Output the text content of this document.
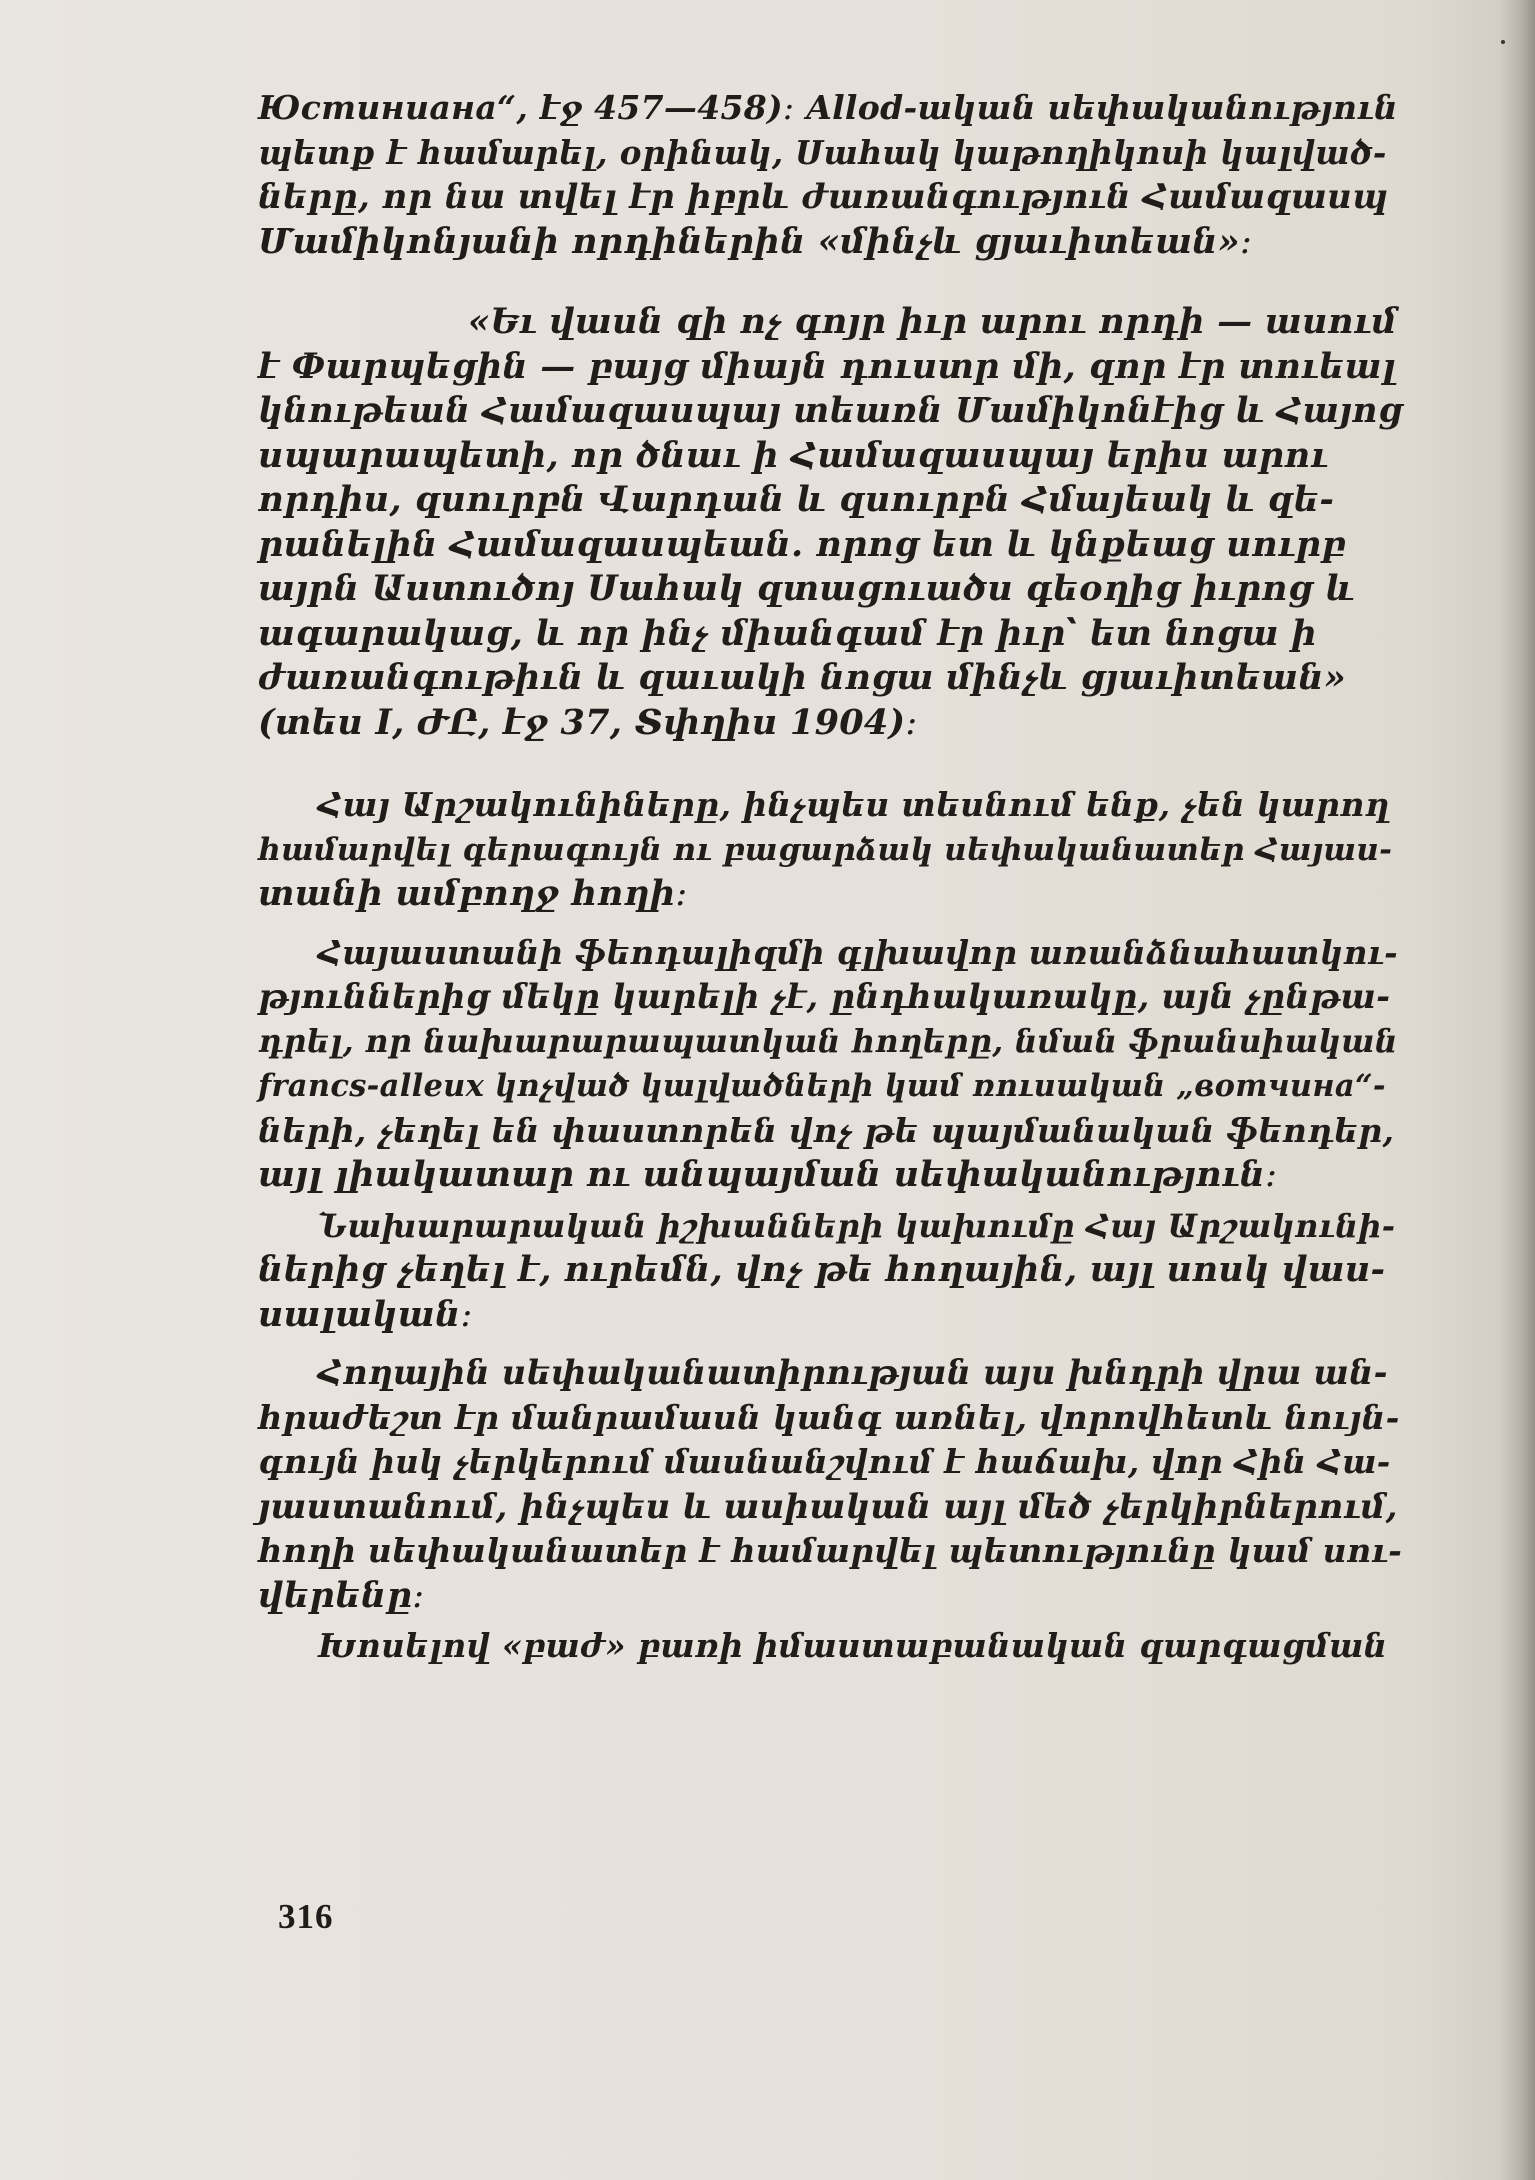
Юстиниана“, էջ 457—458)։ Allod-ական սեփականություն
պետք է համարել, օրինակ, Սահակ կաթողիկոսի կալված-
ները, որ նա տվել էր իբրև ժառանգություն Համազասպ
Մամիկոնյանի որդիներին «մինչև ցյաւիտեան»։

«Եւ վասն զի ոչ գոյր իւր արու որդի — ասում
է Փարպեցին — բայց միայն դուստր մի, զոր էր տուեալ
կնութեան Համազասպայ տեառն Մամիկոնէից և Հայոց
սպարապետի, որ ծնաւ ի Համազասպայ երիս արու
որդիս, զսուրբն Վարդան և զսուրբն Հմայեակ և զե-
րանելին Համազասպեան. որոց ետ և կնքեաց սուրբ
այրն Աստուծոյ Սահակ զտացուածս գեօղից իւրոց և
ագարակաց, և որ ինչ միանգամ էր իւր՝ ետ նոցա ի
ժառանգութիւն և զաւակի նոցա մինչև ցյաւիտեան»
(տես I, ԺԸ, էջ 37, Տփղիս 1904)։

Հայ Արշակունիները, ինչպես տեսնում ենք, չեն կարող
համարվել գերագույն ու բացարձակ սեփականատեր Հայաս-
տանի ամբողջ հողի։

Հայաստանի ֆեոդալիզմի գլխավոր առանձնահատկու-
թյուններից մեկը կարելի չէ, ընդհակառակը, այն չընթա-
դրել, որ նախարարապատկան հողերը, նման ֆրանսիական
francs-alleux կոչված կալվածների կամ ռուսական „вотчина“-
ների, չեղել են փաստորեն վոչ թե պայմանական ֆեոդեր,
այլ լիակատար ու անպայման սեփականություն։

Նախարարական իշխանների կախումը Հայ Արշակունի-
ներից չեղել է, ուրեմն, վոչ թե հողային, այլ սոսկ վաս-
սալական։

Հողային սեփականատիրության այս խնդրի վրա ան-
հրաժեշտ էր մանրամասն կանգ առնել, վորովհետև նույն-
գույն իսկ չերկերում մասնանշվում է հաճախ, վոր Հին Հա-
յաստանում, ինչպես և ասիական այլ մեծ չերկիրներում,
հողի սեփականատեր է համարվել պետությունը կամ սու-
վերենը։

Խոսելով «բաժ» բառի իմաստաբանական զարգացման

316
